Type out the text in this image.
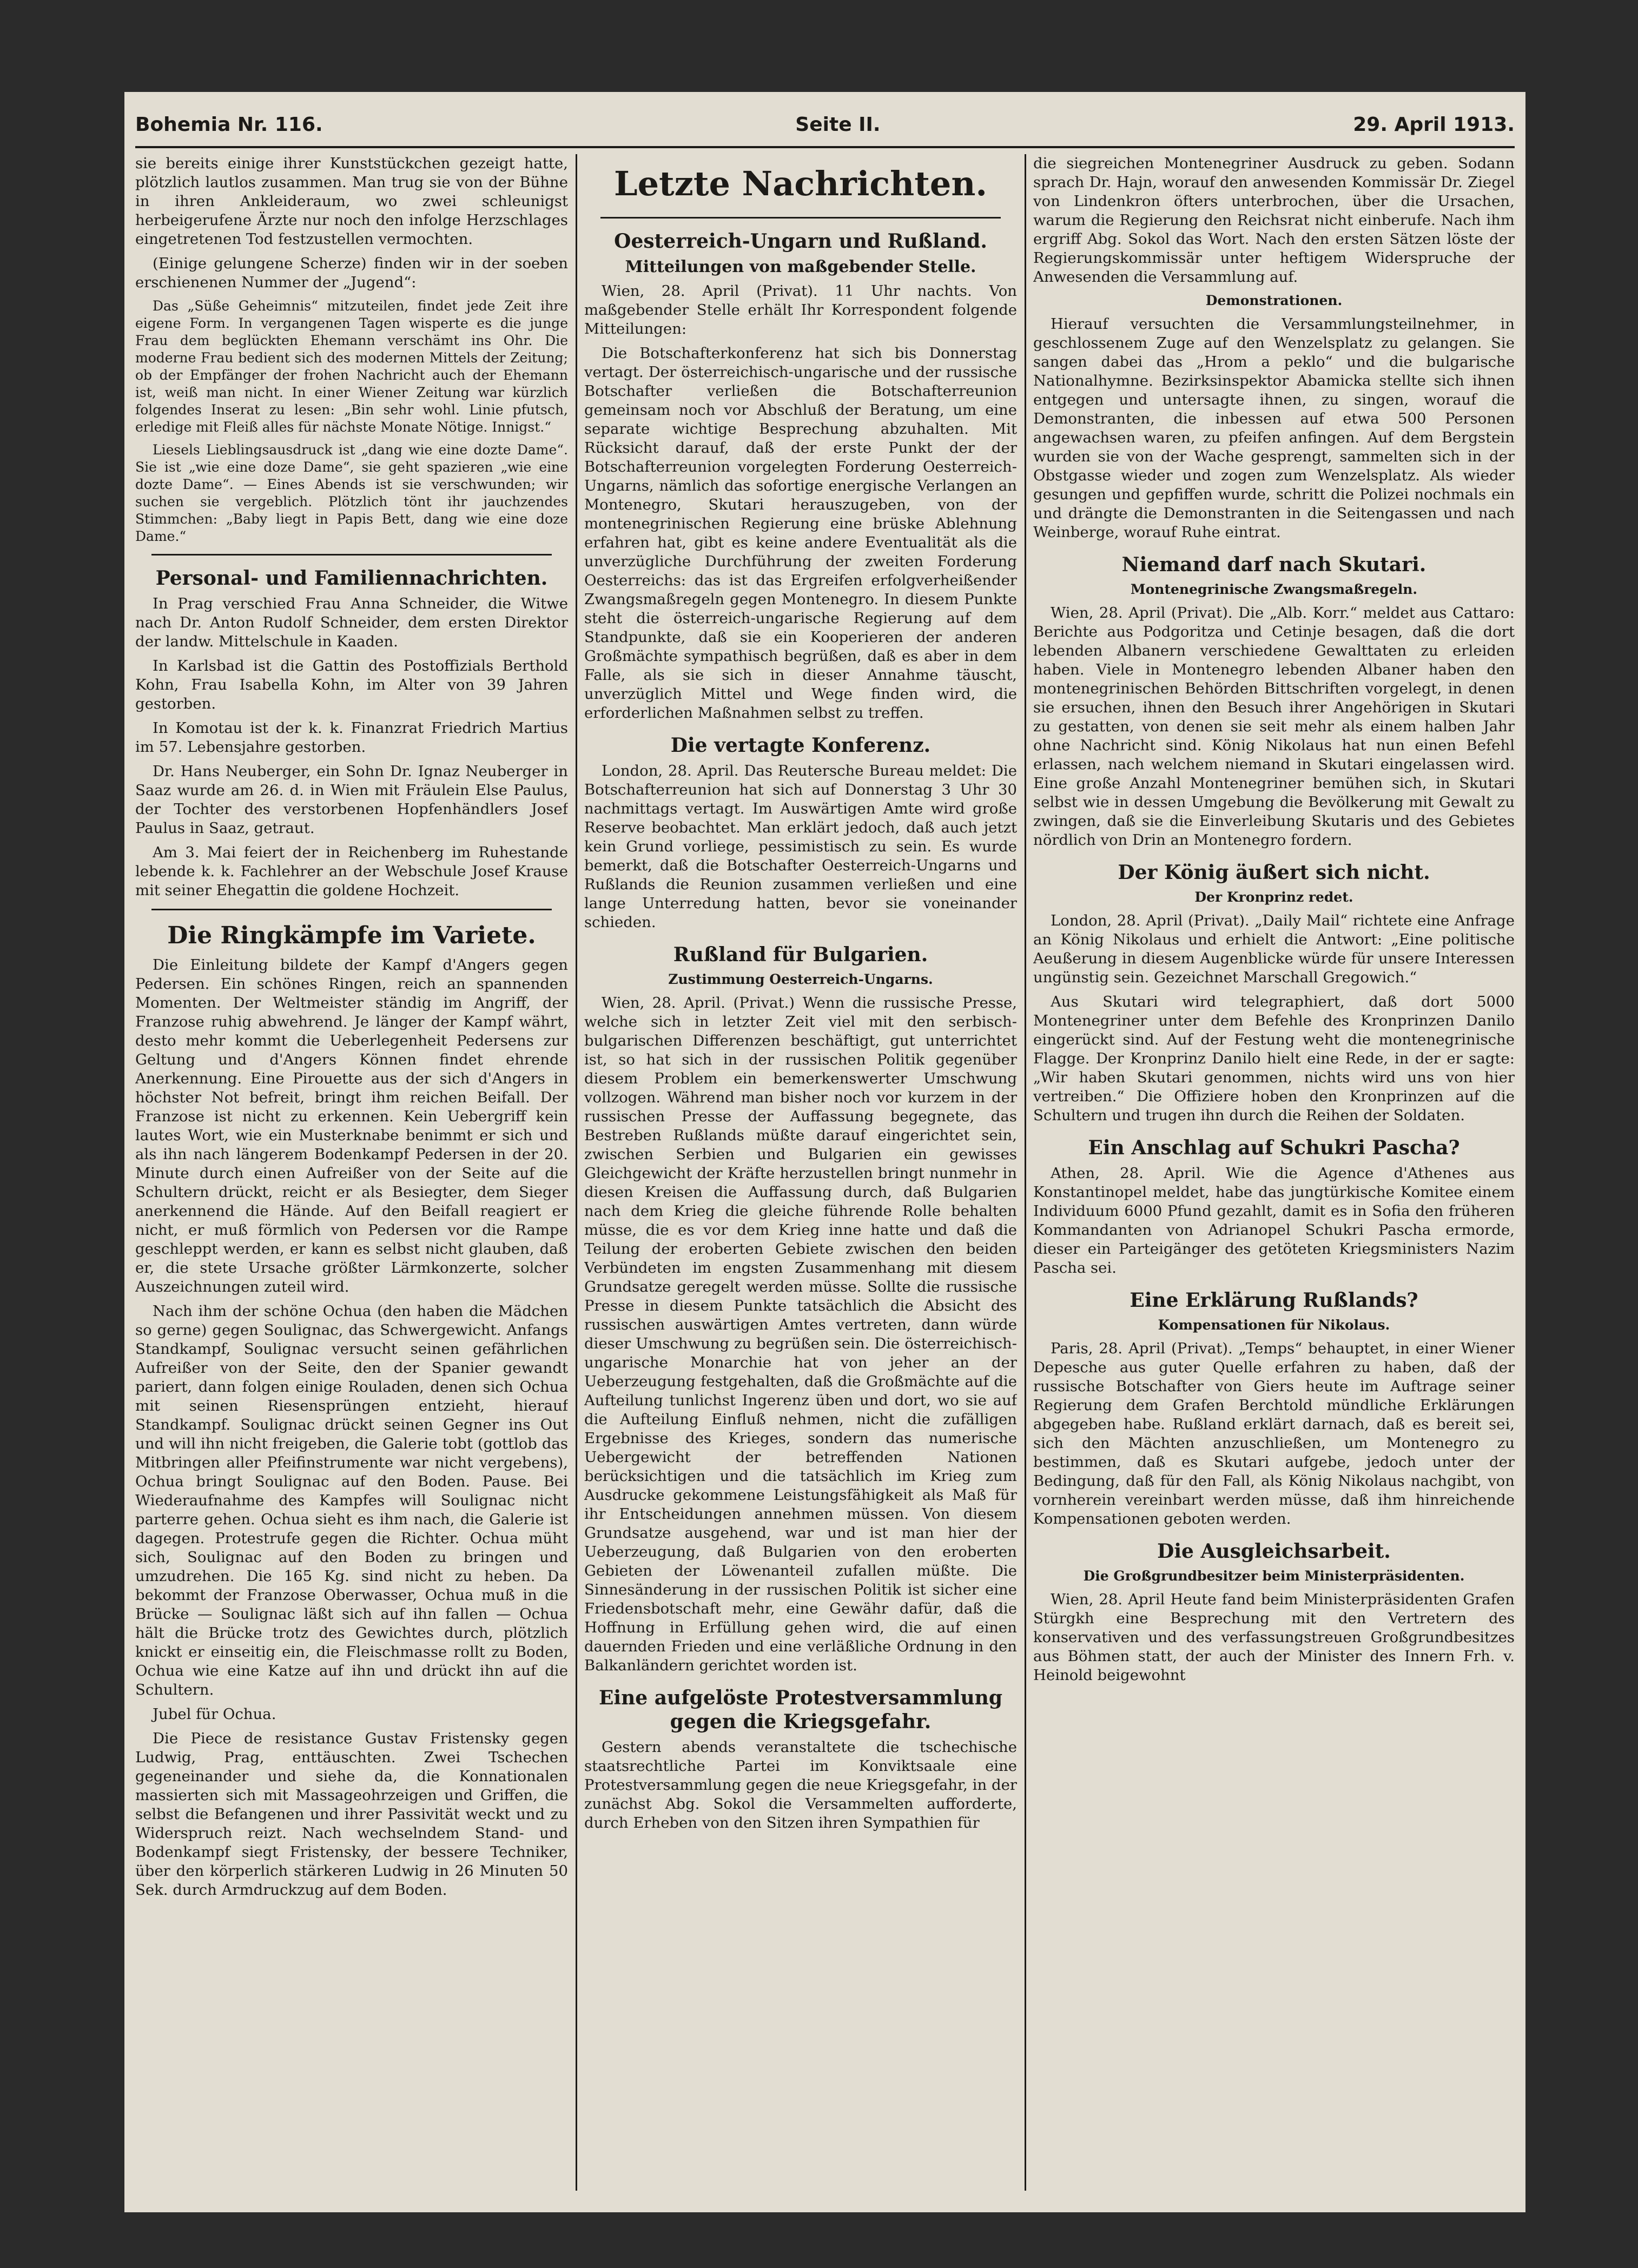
Bohemia Nr. 116.	Seite II.	29. April 1913.

sie bereits einige ihrer Kunststückchen gezeigt hatte, plötzlich lautlos zusammen. Man trug sie von der Bühne in ihren Ankleideraum, wo zwei schleunigst herbeigerufene Ärzte nur noch den infolge Herzschlages eingetretenen Tod festzustellen vermochten.

(Einige gelungene Scherze) finden wir in der soeben erschienenen Nummer der „Jugend“:

Das „Süße Geheimnis“ mitzuteilen, findet jede Zeit ihre eigene Form. In vergangenen Tagen wisperte es die junge Frau dem beglückten Ehemann verschämt ins Ohr. Die moderne Frau bedient sich des modernen Mittels der Zeitung; ob der Empfänger der frohen Nachricht auch der Ehemann ist, weiß man nicht. In einer Wiener Zeitung war kürzlich folgendes Inserat zu lesen: „Bin sehr wohl. Linie pfutsch, erledige mit Fleiß alles für nächste Monate Nötige. Innigst.“

Liesels Lieblingsausdruck ist „dang wie eine dozte Dame“. Sie ist „wie eine doze Dame“, sie geht spazieren „wie eine dozte Dame“. — Eines Abends ist sie verschwunden; wir suchen sie vergeblich. Plötzlich tönt ihr jauchzendes Stimmchen: „Baby liegt in Papis Bett, dang wie eine doze Dame.“

Personal- und Familiennachrichten.

In Prag verschied Frau Anna Schneider, die Witwe nach Dr. Anton Rudolf Schneider, dem ersten Direktor der landw. Mittelschule in Kaaden.

In Karlsbad ist die Gattin des Postoffizials Berthold Kohn, Frau Isabella Kohn, im Alter von 39 Jahren gestorben.

In Komotau ist der k. k. Finanzrat Friedrich Martius im 57. Lebensjahre gestorben.

Dr. Hans Neuberger, ein Sohn Dr. Ignaz Neuberger in Saaz wurde am 26. d. in Wien mit Fräulein Else Paulus, der Tochter des verstorbenen Hopfenhändlers Josef Paulus in Saaz, getraut.

Am 3. Mai feiert der in Reichenberg im Ruhestande lebende k. k. Fachlehrer an der Webschule Josef Krause mit seiner Ehegattin die goldene Hochzeit.

Die Ringkämpfe im Variete.

Die Einleitung bildete der Kampf d'Angers gegen Pedersen. Ein schönes Ringen, reich an spannenden Momenten. Der Weltmeister ständig im Angriff, der Franzose ruhig abwehrend. Je länger der Kampf währt, desto mehr kommt die Ueberlegenheit Pedersens zur Geltung und d'Angers Können findet ehrende Anerkennung. Eine Pirouette aus der sich d'Angers in höchster Not befreit, bringt ihm reichen Beifall. Der Franzose ist nicht zu erkennen. Kein Uebergriff kein lautes Wort, wie ein Musterknabe benimmt er sich und als ihn nach längerem Bodenkampf Pedersen in der 20. Minute durch einen Aufreißer von der Seite auf die Schultern drückt, reicht er als Besiegter, dem Sieger anerkennend die Hände. Auf den Beifall reagiert er nicht, er muß förmlich von Pedersen vor die Rampe geschleppt werden, er kann es selbst nicht glauben, daß er, die stete Ursache größter Lärmkonzerte, solcher Auszeichnungen zuteil wird.

Nach ihm der schöne Ochua (den haben die Mädchen so gerne) gegen Soulignac, das Schwergewicht. Anfangs Standkampf, Soulignac versucht seinen gefährlichen Aufreißer von der Seite, den der Spanier gewandt pariert, dann folgen einige Rouladen, denen sich Ochua mit seinen Riesensprüngen entzieht, hierauf Standkampf. Soulignac drückt seinen Gegner ins Out und will ihn nicht freigeben, die Galerie tobt (gottlob das Mitbringen aller Pfeifinstrumente war nicht vergebens), Ochua bringt Soulignac auf den Boden. Pause. Bei Wiederaufnahme des Kampfes will Soulignac nicht parterre gehen. Ochua sieht es ihm nach, die Galerie ist dagegen. Protestrufe gegen die Richter. Ochua müht sich, Soulignac auf den Boden zu bringen und umzudrehen. Die 165 Kg. sind nicht zu heben. Da bekommt der Franzose Oberwasser, Ochua muß in die Brücke — Soulignac läßt sich auf ihn fallen — Ochua hält die Brücke trotz des Gewichtes durch, plötzlich knickt er einseitig ein, die Fleischmasse rollt zu Boden, Ochua wie eine Katze auf ihn und drückt ihn auf die Schultern.

Jubel für Ochua.

Die Piece de resistance Gustav Fristensky gegen Ludwig, Prag, enttäuschten. Zwei Tschechen gegeneinander und siehe da, die Konnationalen massierten sich mit Massageohrzeigen und Griffen, die selbst die Befangenen und ihrer Passivität weckt und zu Widerspruch reizt. Nach wechselndem Stand- und Bodenkampf siegt Fristensky, der bessere Techniker, über den körperlich stärkeren Ludwig in 26 Minuten 50 Sek. durch Armdruckzug auf dem Boden.

Letzte Nachrichten.
Oesterreich-Ungarn und Rußland.
Mitteilungen von maßgebender Stelle.

Wien, 28. April (Privat). 11 Uhr nachts. Von maßgebender Stelle erhält Ihr Korrespondent folgende Mitteilungen:

Die Botschafterkonferenz hat sich bis Donnerstag vertagt. Der österreichisch-ungarische und der russische Botschafter verließen die Botschafterreunion gemeinsam noch vor Abschluß der Beratung, um eine separate wichtige Besprechung abzuhalten. Mit Rücksicht darauf, daß der erste Punkt der der Botschafterreunion vorgelegten Forderung Oesterreich-Ungarns, nämlich das sofortige energische Verlangen an Montenegro, Skutari herauszugeben, von der montenegrinischen Regierung eine brüske Ablehnung erfahren hat, gibt es keine andere Eventualität als die unverzügliche Durchführung der zweiten Forderung Oesterreichs: das ist das Ergreifen erfolgverheißender Zwangsmaßregeln gegen Montenegro. In diesem Punkte steht die österreich-ungarische Regierung auf dem Standpunkte, daß sie ein Kooperieren der anderen Großmächte sympathisch begrüßen, daß es aber in dem Falle, als sie sich in dieser Annahme täuscht, unverzüglich Mittel und Wege finden wird, die erforderlichen Maßnahmen selbst zu treffen.

Die vertagte Konferenz.

London, 28. April. Das Reutersche Bureau meldet: Die Botschafterreunion hat sich auf Donnerstag 3 Uhr 30 nachmittags vertagt. Im Auswärtigen Amte wird große Reserve beobachtet. Man erklärt jedoch, daß auch jetzt kein Grund vorliege, pessimistisch zu sein. Es wurde bemerkt, daß die Botschafter Oesterreich-Ungarns und Rußlands die Reunion zusammen verließen und eine lange Unterredung hatten, bevor sie voneinander schieden.

Rußland für Bulgarien.
Zustimmung Oesterreich-Ungarns.

Wien, 28. April. (Privat.) Wenn die russische Presse, welche sich in letzter Zeit viel mit den serbisch-bulgarischen Differenzen beschäftigt, gut unterrichtet ist, so hat sich in der russischen Politik gegenüber diesem Problem ein bemerkenswerter Umschwung vollzogen. Während man bisher noch vor kurzem in der russischen Presse der Auffassung begegnete, das Bestreben Rußlands müßte darauf eingerichtet sein, zwischen Serbien und Bulgarien ein gewisses Gleichgewicht der Kräfte herzustellen bringt nunmehr in diesen Kreisen die Auffassung durch, daß Bulgarien nach dem Krieg die gleiche führende Rolle behalten müsse, die es vor dem Krieg inne hatte und daß die Teilung der eroberten Gebiete zwischen den beiden Verbündeten im engsten Zusammenhang mit diesem Grundsatze geregelt werden müsse. Sollte die russische Presse in diesem Punkte tatsächlich die Absicht des russischen auswärtigen Amtes vertreten, dann würde dieser Umschwung zu begrüßen sein. Die österreichisch-ungarische Monarchie hat von jeher an der Ueberzeugung festgehalten, daß die Großmächte auf die Aufteilung tunlichst Ingerenz üben und dort, wo sie auf die Aufteilung Einfluß nehmen, nicht die zufälligen Ergebnisse des Krieges, sondern das numerische Uebergewicht der betreffenden Nationen berücksichtigen und die tatsächlich im Krieg zum Ausdrucke gekommene Leistungsfähigkeit als Maß für ihr Entscheidungen annehmen müssen. Von diesem Grundsatze ausgehend, war und ist man hier der Ueberzeugung, daß Bulgarien von den eroberten Gebieten der Löwenanteil zufallen müßte. Die Sinnesänderung in der russischen Politik ist sicher eine Friedensbotschaft mehr, eine Gewähr dafür, daß die Hoffnung in Erfüllung gehen wird, die auf einen dauernden Frieden und eine verläßliche Ordnung in den Balkanländern gerichtet worden ist.

Eine aufgelöste Protestversammlung gegen die Kriegsgefahr.

Gestern abends veranstaltete die tschechische staatsrechtliche Partei im Konviktsaale eine Protestversammlung gegen die neue Kriegsgefahr, in der zunächst Abg. Sokol die Versammelten aufforderte, durch Erheben von den Sitzen ihren Sympathien für

die siegreichen Montenegriner Ausdruck zu geben. Sodann sprach Dr. Hajn, worauf den anwesenden Kommissär Dr. Ziegel von Lindenkron öfters unterbrochen, über die Ursachen, warum die Regierung den Reichsrat nicht einberufe. Nach ihm ergriff Abg. Sokol das Wort. Nach den ersten Sätzen löste der Regierungskommissär unter heftigem Widerspruche der Anwesenden die Versammlung auf.

Demonstrationen.

Hierauf versuchten die Versammlungsteilnehmer, in geschlossenem Zuge auf den Wenzelsplatz zu gelangen. Sie sangen dabei das „Hrom a peklo“ und die bulgarische Nationalhymne. Bezirksinspektor Abamicka stellte sich ihnen entgegen und untersagte ihnen, zu singen, worauf die Demonstranten, die inbessen auf etwa 500 Personen angewachsen waren, zu pfeifen anfingen. Auf dem Bergstein wurden sie von der Wache gesprengt, sammelten sich in der Obstgasse wieder und zogen zum Wenzelsplatz. Als wieder gesungen und gepfiffen wurde, schritt die Polizei nochmals ein und drängte die Demonstranten in die Seitengassen und nach Weinberge, worauf Ruhe eintrat.

Niemand darf nach Skutari.
Montenegrinische Zwangsmaßregeln.

Wien, 28. April (Privat). Die „Alb. Korr.“ meldet aus Cattaro: Berichte aus Podgoritza und Cetinje besagen, daß die dort lebenden Albanern verschiedene Gewalttaten zu erleiden haben. Viele in Montenegro lebenden Albaner haben den montenegrinischen Behörden Bittschriften vorgelegt, in denen sie ersuchen, ihnen den Besuch ihrer Angehörigen in Skutari zu gestatten, von denen sie seit mehr als einem halben Jahr ohne Nachricht sind. König Nikolaus hat nun einen Befehl erlassen, nach welchem niemand in Skutari eingelassen wird. Eine große Anzahl Montenegriner bemühen sich, in Skutari selbst wie in dessen Umgebung die Bevölkerung mit Gewalt zu zwingen, daß sie die Einverleibung Skutaris und des Gebietes nördlich von Drin an Montenegro fordern.

Der König äußert sich nicht.
Der Kronprinz redet.

London, 28. April (Privat). „Daily Mail“ richtete eine Anfrage an König Nikolaus und erhielt die Antwort: „Eine politische Aeußerung in diesem Augenblicke würde für unsere Interessen ungünstig sein. Gezeichnet Marschall Gregowich.“

Aus Skutari wird telegraphiert, daß dort 5000 Montenegriner unter dem Befehle des Kronprinzen Danilo eingerückt sind. Auf der Festung weht die montenegrinische Flagge. Der Kronprinz Danilo hielt eine Rede, in der er sagte: „Wir haben Skutari genommen, nichts wird uns von hier vertreiben.“ Die Offiziere hoben den Kronprinzen auf die Schultern und trugen ihn durch die Reihen der Soldaten.

Ein Anschlag auf Schukri Pascha?

Athen, 28. April. Wie die Agence d'Athenes aus Konstantinopel meldet, habe das jungtürkische Komitee einem Individuum 6000 Pfund gezahlt, damit es in Sofia den früheren Kommandanten von Adrianopel Schukri Pascha ermorde, dieser ein Parteigänger des getöteten Kriegsministers Nazim Pascha sei.

Eine Erklärung Rußlands?
Kompensationen für Nikolaus.

Paris, 28. April (Privat). „Temps“ behauptet, in einer Wiener Depesche aus guter Quelle erfahren zu haben, daß der russische Botschafter von Giers heute im Auftrage seiner Regierung dem Grafen Berchtold mündliche Erklärungen abgegeben habe. Rußland erklärt darnach, daß es bereit sei, sich den Mächten anzuschließen, um Montenegro zu bestimmen, daß es Skutari aufgebe, jedoch unter der Bedingung, daß für den Fall, als König Nikolaus nachgibt, von vornherein vereinbart werden müsse, daß ihm hinreichende Kompensationen geboten werden.

Die Ausgleichsarbeit.
Die Großgrundbesitzer beim Ministerpräsidenten.

Wien, 28. April Heute fand beim Ministerpräsidenten Grafen Stürgkh eine Besprechung mit den Vertretern des konservativen und des verfassungstreuen Großgrundbesitzes aus Böhmen statt, der auch der Minister des Innern Frh. v. Heinold beigewohnt
